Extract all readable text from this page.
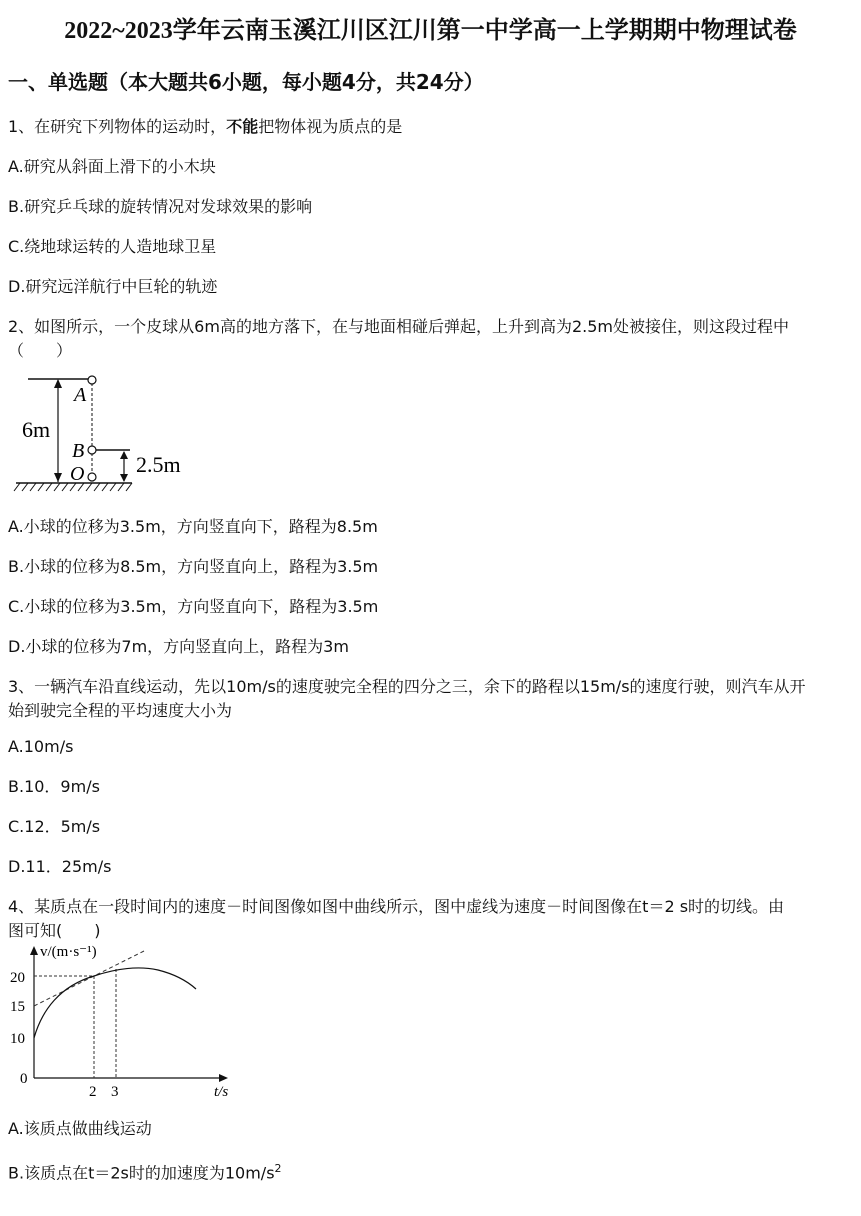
2022~2023学年云南玉溪江川区江川第一中学高一上学期期中物理试卷
一、单选题（本大题共6小题，每小题4分，共24分）
1、在研究下列物体的运动时，不能把物体视为质点的是
A.研究从斜面上滑下的小木块
B.研究乒乓球的旋转情况对发球效果的影响
C.绕地球运转的人造地球卫星
D.研究远洋航行中巨轮的轨迹
2、如图所示，一个皮球从6m高的地方落下，在与地面相碰后弹起，上升到高为2.5m处被接住，则这段过程中
（　　）
6m
A
B
O 2.5m
A.小球的位移为3.5m，方向竖直向下，路程为8.5m
B.小球的位移为8.5m，方向竖直向上，路程为3.5m
C.小球的位移为3.5m，方向竖直向下，路程为3.5m
D.小球的位移为7m，方向竖直向上，路程为3m
3、一辆汽车沿直线运动，先以10m/s的速度驶完全程的四分之三，余下的路程以15m/s的速度行驶，则汽车从开
始到驶完全程的平均速度大小为
A.10m/s
B.10．9m/s
C.12．5m/s
D.11．25m/s
4、某质点在一段时间内的速度－时间图像如图中曲线所示，图中虚线为速度－时间图像在t＝2 s时的切线。由
图可知(　　)
v/(m·s⁻¹)
20
15
10
0
2 3	t/s
A.该质点做曲线运动
B.该质点在t＝2s时的加速度为$10m/s^2$
